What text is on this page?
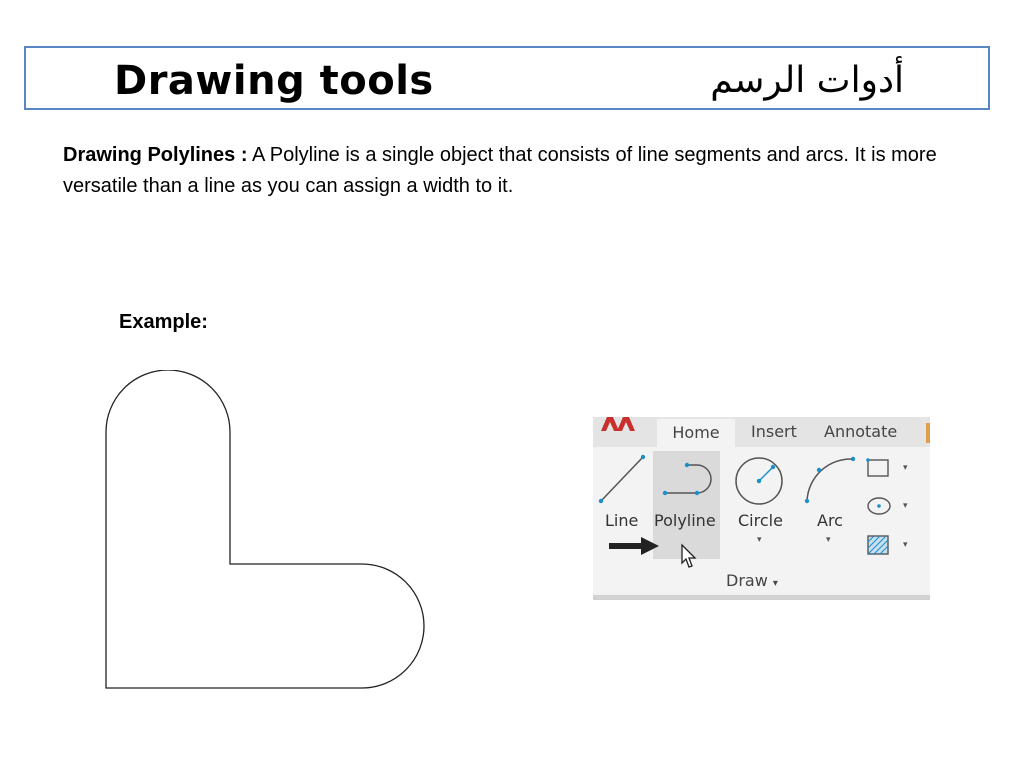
Drawing tools	أدوات الرسم
Drawing Polylines : A Polyline is a single object that consists of line segments and arcs. It is more versatile than a line as you can assign a width to it.
Example:
Home	Insert Annotate
Line Polyline Circle
▾
Arc
▾
▾
▾
▾
Draw ▾
